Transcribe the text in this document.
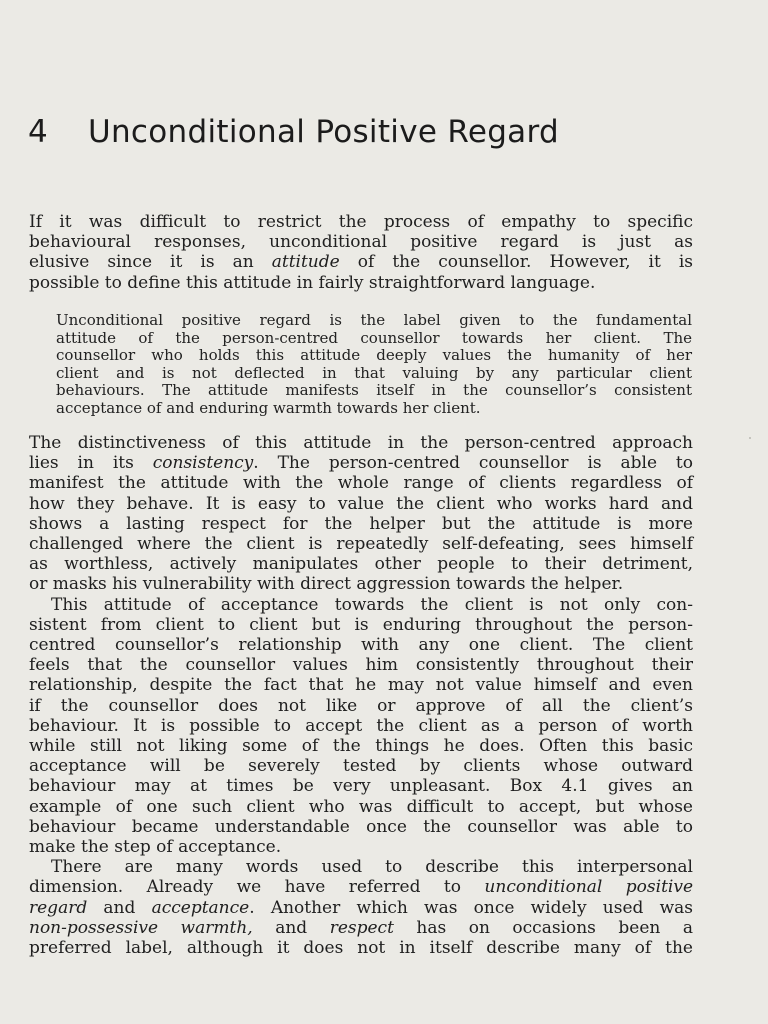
4 Unconditional Positive Regard
If it was difficult to restrict the process of empathy to specific
behavioural responses, unconditional positive regard is just as
elusive since it is an attitude of the counsellor. However, it is
possible to define this attitude in fairly straightforward language.
Unconditional positive regard is the label given to the fundamental
attitude of the person-centred counsellor towards her client. The
counsellor who holds this attitude deeply values the humanity of her
client and is not deflected in that valuing by any particular client
behaviours. The attitude manifests itself in the counsellor’s consistent
acceptance of and enduring warmth towards her client.
The distinctiveness of this attitude in the person-centred approach
lies in its consistency. The person-centred counsellor is able to
manifest the attitude with the whole range of clients regardless of
how they behave. It is easy to value the client who works hard and
shows a lasting respect for the helper but the attitude is more
challenged where the client is repeatedly self-defeating, sees himself
as worthless, actively manipulates other people to their detriment,
or masks his vulnerability with direct aggression towards the helper.
This attitude of acceptance towards the client is not only con-
sistent from client to client but is enduring throughout the person-
centred counsellor’s relationship with any one client. The client
feels that the counsellor values him consistently throughout their
relationship, despite the fact that he may not value himself and even
if the counsellor does not like or approve of all the client’s
behaviour. It is possible to accept the client as a person of worth
while still not liking some of the things he does. Often this basic
acceptance will be severely tested by clients whose outward
behaviour may at times be very unpleasant. Box 4.1 gives an
example of one such client who was difficult to accept, but whose
behaviour became understandable once the counsellor was able to
make the step of acceptance.
There are many words used to describe this interpersonal
dimension. Already we have referred to unconditional positive
regard and acceptance. Another which was once widely used was
non-possessive warmth, and respect has on occasions been a
preferred label, although it does not in itself describe many of the
